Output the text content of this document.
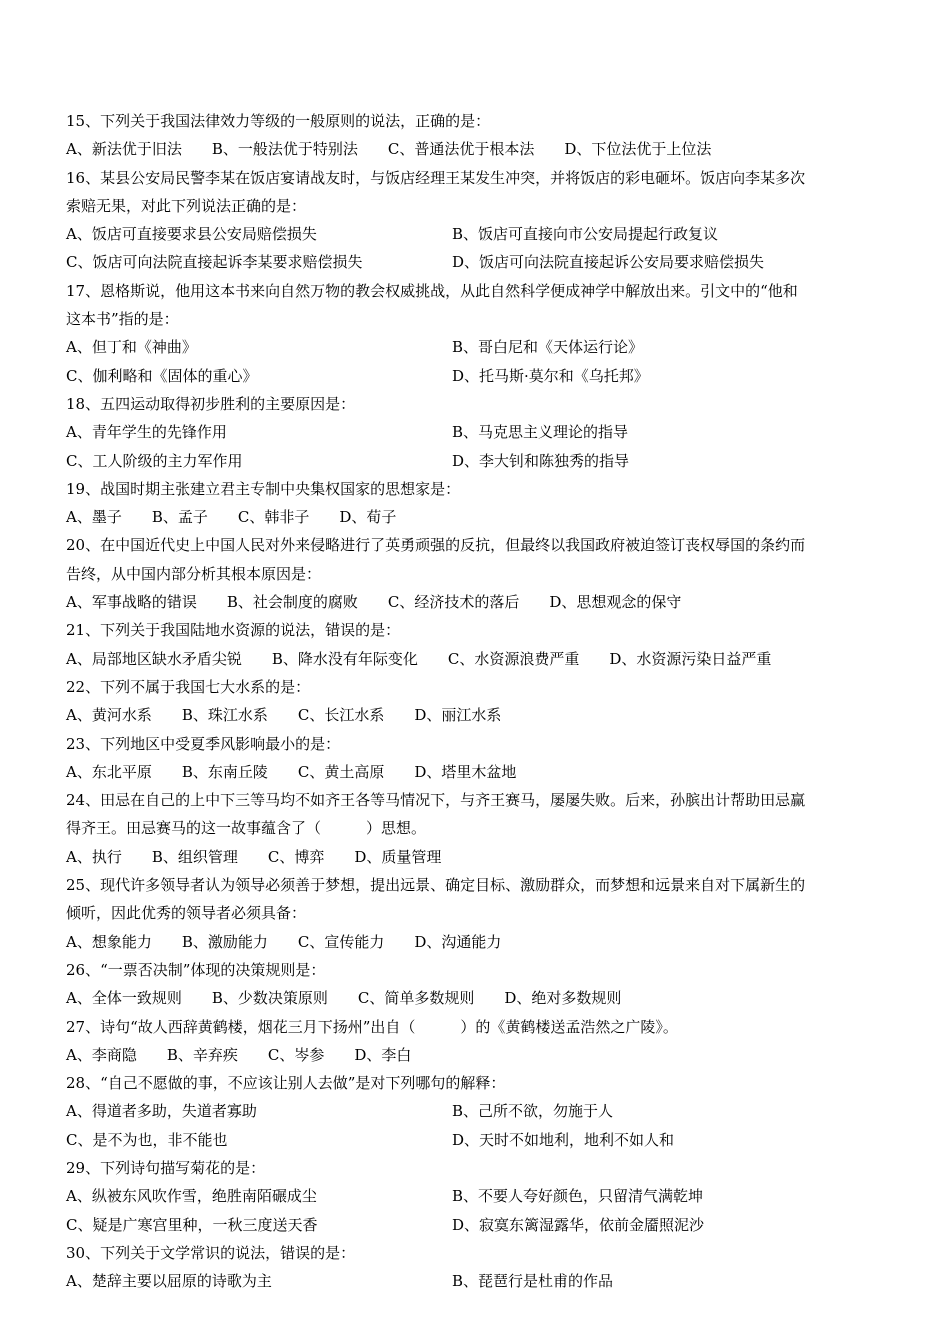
15、下列关于我国法律效力等级的一般原则的说法，正确的是：
A、新法优于旧法 B、一般法优于特别法 C、普通法优于根本法 D、下位法优于上位法
16、某县公安局民警李某在饭店宴请战友时，与饭店经理王某发生冲突，并将饭店的彩电砸坏。饭店向李某多次
索赔无果，对此下列说法正确的是：
A、饭店可直接要求县公安局赔偿损失	B、饭店可直接向市公安局提起行政复议
C、饭店可向法院直接起诉李某要求赔偿损失	D、饭店可向法院直接起诉公安局要求赔偿损失
17、恩格斯说，他用这本书来向自然万物的教会权威挑战，从此自然科学便成神学中解放出来。引文中的“他和
这本书”指的是：
A、但丁和《神曲》	B、哥白尼和《天体运行论》
C、伽利略和《固体的重心》	D、托马斯·莫尔和《乌托邦》
18、五四运动取得初步胜利的主要原因是：
A、青年学生的先锋作用	B、马克思主义理论的指导
C、工人阶级的主力军作用	D、李大钊和陈独秀的指导
19、战国时期主张建立君主专制中央集权国家的思想家是：
A、墨子 B、孟子 C、韩非子 D、荀子
20、在中国近代史上中国人民对外来侵略进行了英勇顽强的反抗，但最终以我国政府被迫签订丧权辱国的条约而
告终，从中国内部分析其根本原因是：
A、军事战略的错误 B、社会制度的腐败 C、经济技术的落后 D、思想观念的保守
21、下列关于我国陆地水资源的说法，错误的是：
A、局部地区缺水矛盾尖锐 B、降水没有年际变化 C、水资源浪费严重 D、水资源污染日益严重
22、下列不属于我国七大水系的是：
A、黄河水系 B、珠江水系 C、长江水系 D、丽江水系
23、下列地区中受夏季风影响最小的是：
A、东北平原 B、东南丘陵 C、黄土高原 D、塔里木盆地
24、田忌在自己的上中下三等马均不如齐王各等马情况下，与齐王赛马，屡屡失败。后来，孙膑出计帮助田忌赢
得齐王。田忌赛马的这一故事蕴含了（　　　）思想。
A、执行 B、组织管理 C、博弈 D、质量管理
25、现代许多领导者认为领导必须善于梦想，提出远景、确定目标、激励群众，而梦想和远景来自对下属新生的
倾听，因此优秀的领导者必须具备：
A、想象能力 B、激励能力 C、宣传能力 D、沟通能力
26、“一票否决制”体现的决策规则是：
A、全体一致规则 B、少数决策原则 C、简单多数规则 D、绝对多数规则
27、诗句“故人西辞黄鹤楼，烟花三月下扬州”出自（　　　）的《黄鹤楼送孟浩然之广陵》。
A、李商隐 B、辛弃疾 C、岑参 D、李白
28、“自己不愿做的事，不应该让别人去做”是对下列哪句的解释：
A、得道者多助，失道者寡助	B、己所不欲，勿施于人
C、是不为也，非不能也	D、天时不如地利，地利不如人和
29、下列诗句描写菊花的是：
A、纵被东风吹作雪，绝胜南陌碾成尘	B、不要人夸好颜色，只留清气满乾坤
C、疑是广寒宫里种，一秋三度送天香	D、寂寞东篱湿露华，依前金靥照泥沙
30、下列关于文学常识的说法，错误的是：
A、楚辞主要以屈原的诗歌为主	B、琵琶行是杜甫的作品
